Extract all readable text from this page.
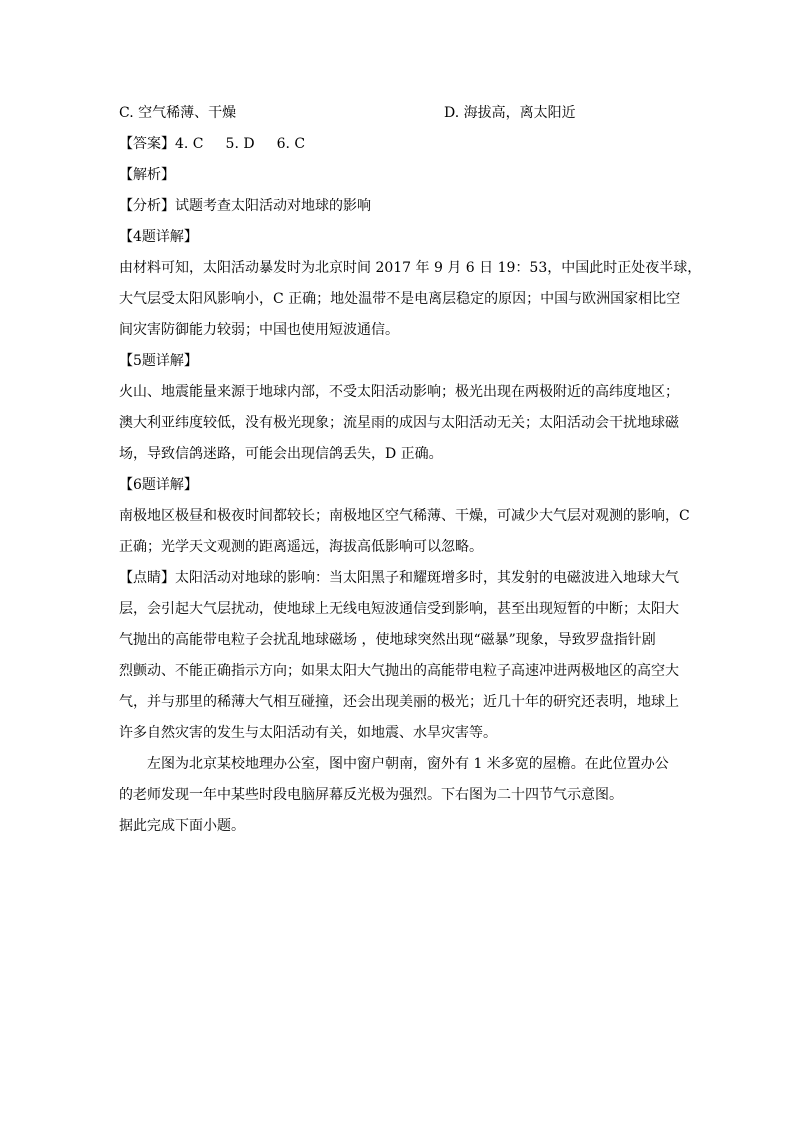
C. 空气稀薄、干燥	D. 海拔高，离太阳近
【答案】4. C 5. D 6. C
【解析】
【分析】试题考查太阳活动对地球的影响
【4题详解】
由材料可知，太阳活动暴发时为北京时间 2017 年 9 月 6 日 19：53，中国此时正处夜半球，
大气层受太阳风影响小，C 正确；地处温带不是电离层稳定的原因；中国与欧洲国家相比空
间灾害防御能力较弱；中国也使用短波通信。
【5题详解】
火山、地震能量来源于地球内部，不受太阳活动影响；极光出现在两极附近的高纬度地区；
澳大利亚纬度较低，没有极光现象；流星雨的成因与太阳活动无关；太阳活动会干扰地球磁
场，导致信鸽迷路，可能会出现信鸽丢失，D 正确。
【6题详解】
南极地区极昼和极夜时间都较长；南极地区空气稀薄、干燥，可减少大气层对观测的影响，C
正确；光学天文观测的距离遥远，海拔高低影响可以忽略。
【点睛】太阳活动对地球的影响：当太阳黑子和耀斑增多时，其发射的电磁波进入地球大气
层，会引起大气层扰动，使地球上无线电短波通信受到影响，甚至出现短暂的中断；太阳大
气抛出的高能带电粒子会扰乱地球磁场 ，使地球突然出现“磁暴”现象，导致罗盘指针剧
烈颤动、不能正确指示方向；如果太阳大气抛出的高能带电粒子高速冲进两极地区的高空大
气，并与那里的稀薄大气相互碰撞，还会出现美丽的极光；近几十年的研究还表明，地球上
许多自然灾害的发生与太阳活动有关，如地震、水旱灾害等。
左图为北京某校地理办公室，图中窗户朝南，窗外有 1 米多宽的屋檐。在此位置办公
的老师发现一年中某些时段电脑屏幕反光极为强烈。下右图为二十四节气示意图。
据此完成下面小题。
